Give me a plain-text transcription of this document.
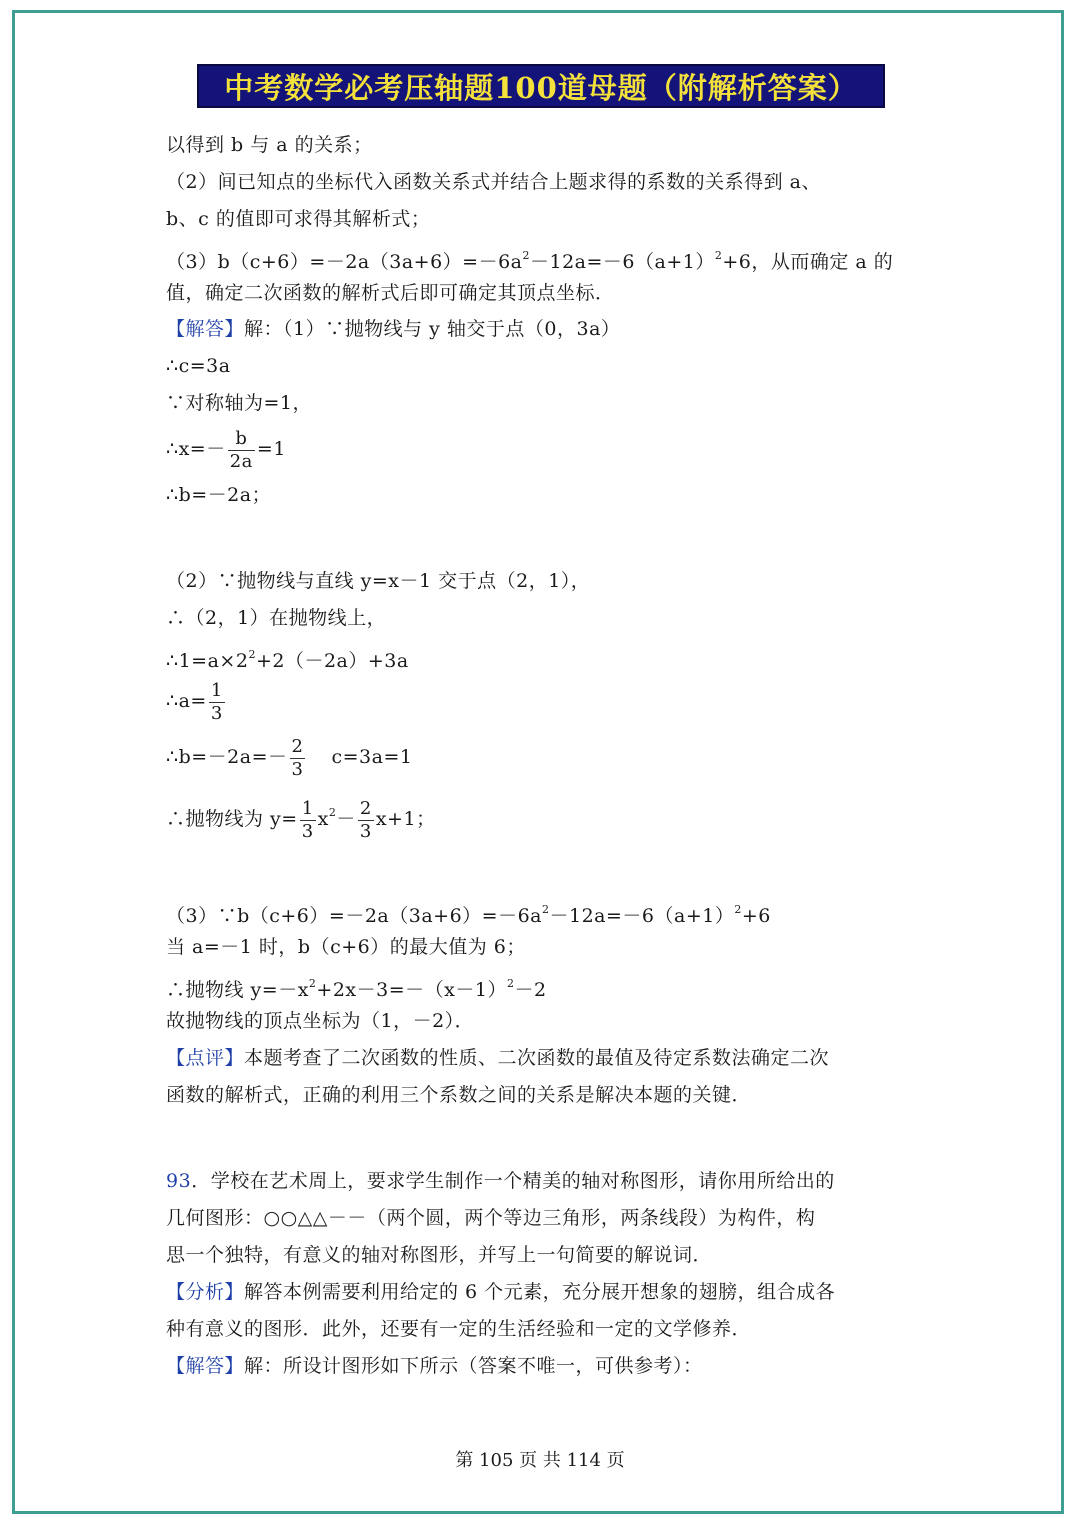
中考数学必考压轴题100道母题（附解析答案）
以得到 b 与 a 的关系；
（2）间已知点的坐标代入函数关系式并结合上题求得的系数的关系得到 a、
b、c 的值即可求得其解析式；
$(3)b(c+6)=-2a(3a+6)=-6a^2-12a=-6(a+1)^2+6$，从而确定 a 的
值，确定二次函数的解析式后即可确定其顶点坐标．
【解答】解：（1）∵抛物线与 y 轴交于点（0，3a）
∴c=3a
∵对称轴为=1，
∴x=－ $\frac{b}{2a} =1$
∴b=－2a；
（2）∵抛物线与直线 y=x－1 交于点（2，1），
∴（2，1）在抛物线上，
$\therefore 1=a\times 2^2+2(-2a)+3a$
∴a= $\frac{1}{3}$
∴b=－2a=－ $\frac{2}{3} c=3a=1$
∴抛物线为 $y= \frac{1}{3} x^2- \frac{2}{3} x+1$；
$(3)\because b(c+6)=-2a(3a+6)=-6a^2-12a=-6(a+1)^2+6$
当 a=－1 时，b（c+6）的最大值为 6；
∴抛物线 $y=-x^2+2x-3=-(x-1)^2-2$
故抛物线的顶点坐标为（1，－2）．
【点评】本题考查了二次函数的性质、二次函数的最值及待定系数法确定二次
函数的解析式，正确的利用三个系数之间的关系是解决本题的关键．
93．学校在艺术周上，要求学生制作一个精美的轴对称图形，请你用所给出的
几何图形：○○△△－－（两个圆，两个等边三角形，两条线段）为构件，构
思一个独特，有意义的轴对称图形，并写上一句简要的解说词．
【分析】解答本例需要利用给定的 6 个元素，充分展开想象的翅膀，组合成各
种有意义的图形．此外，还要有一定的生活经验和一定的文学修养．
【解答】解：所设计图形如下所示（答案不唯一，可供参考）：
第 105 页 共 114 页
